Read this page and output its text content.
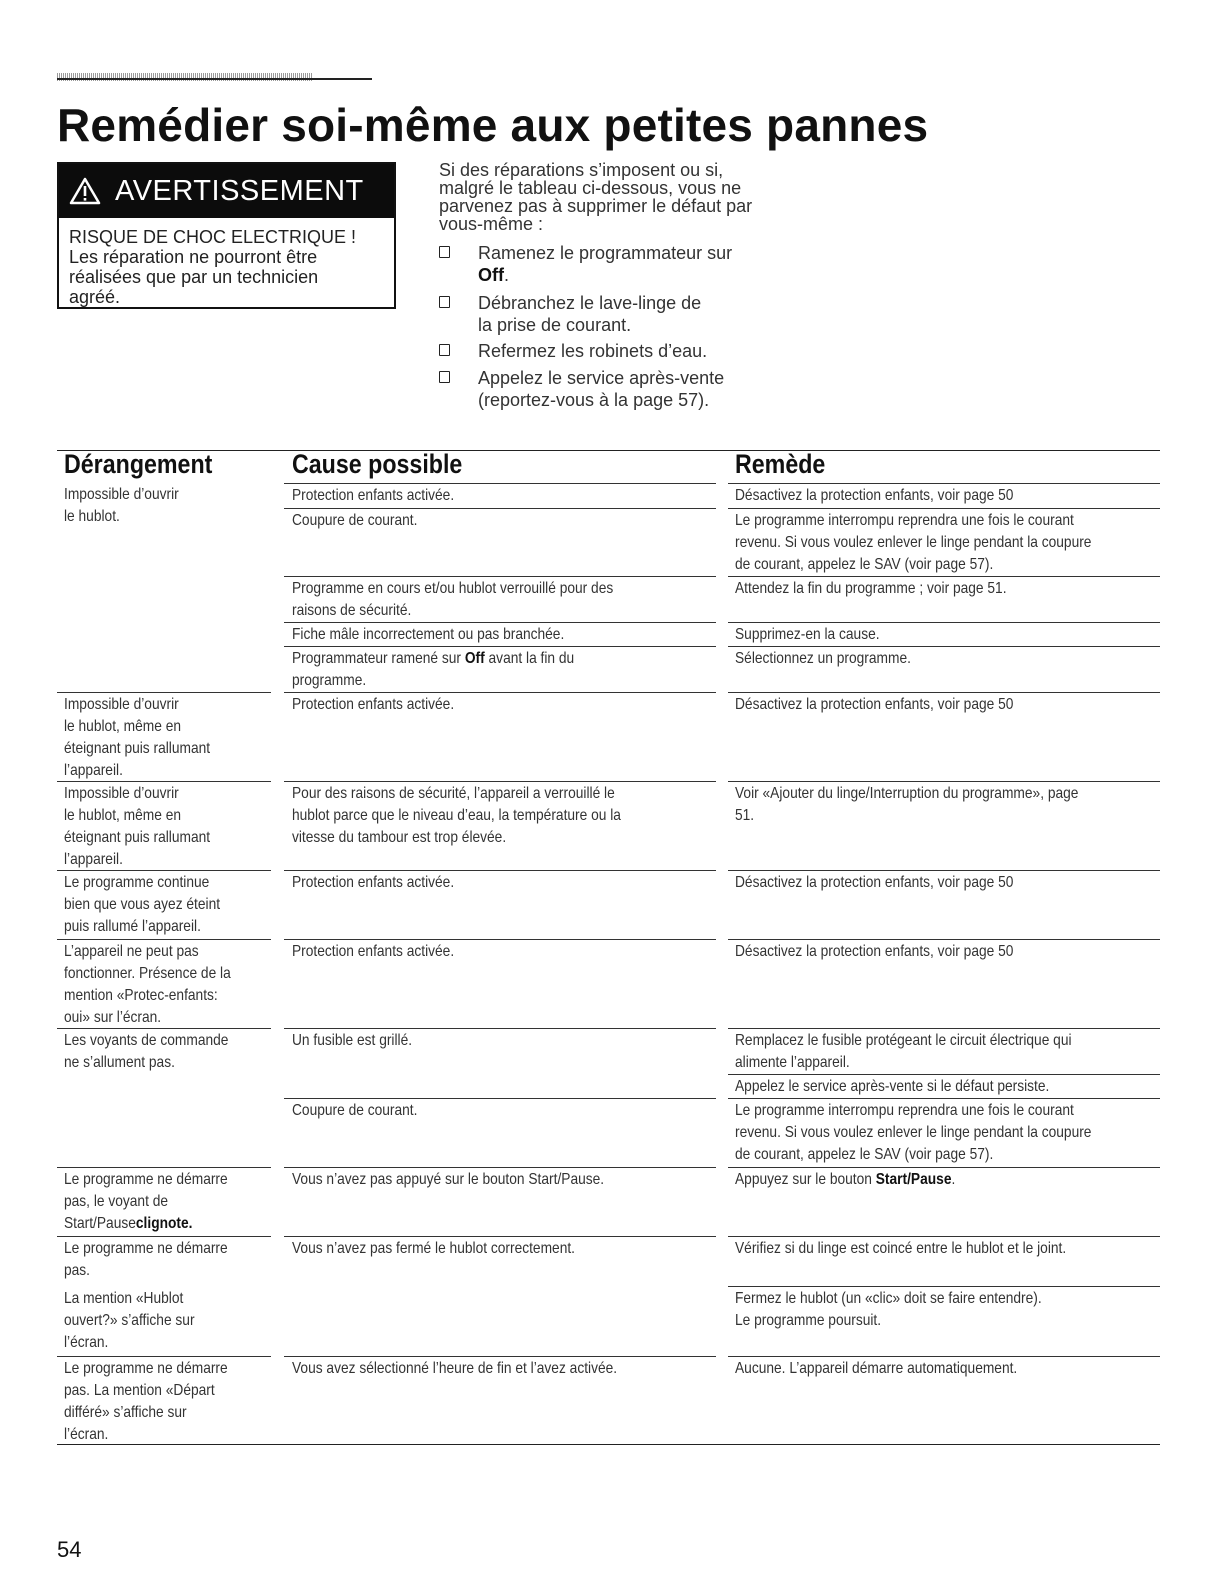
Remédier soi-même aux petites pannes
AVERTISSEMENT
RISQUE DE CHOC ELECTRIQUE !
Les réparation ne pourront être
réalisées que par un technicien
agréé.
Si des réparations s’imposent ou si,
malgré le tableau ci-dessous, vous ne
parvenez pas à supprimer le défaut par
vous-même :
Ramenez le programmateur sur
Off.
Débranchez le lave-linge de
la prise de courant.
Refermez les robinets d’eau.
Appelez le service après-vente
(reportez-vous à la page 57).
Dérangement	Cause possible	Remède
Impossible d’ouvrir
le hublot.
Impossible d’ouvrir
le hublot, même en
éteignant puis rallumant
l’appareil.
Impossible d’ouvrir
le hublot, même en
éteignant puis rallumant
l’appareil.
Le programme continue
bien que vous ayez éteint
puis rallumé l’appareil.
L’appareil ne peut pas
fonctionner. Présence de la
mention «Protec-enfants:
oui» sur l’écran.
Les voyants de commande
ne s’allument pas.
Le programme ne démarre
pas, le voyant de
Start/Pauseclignote.
Le programme ne démarre
pas.
La mention «Hublot
ouvert?» s’affiche sur
l’écran.
Le programme ne démarre
pas. La mention «Départ
différé» s’affiche sur
l’écran.
Protection enfants activée.
Coupure de courant.
Programme en cours et/ou hublot verrouillé pour des
raisons de sécurité.
Fiche mâle incorrectement ou pas branchée.
Programmateur ramené sur Off avant la fin du
programme.
Protection enfants activée.
Pour des raisons de sécurité, l’appareil a verrouillé le
hublot parce que le niveau d’eau, la température ou la
vitesse du tambour est trop élevée.
Protection enfants activée.
Protection enfants activée.
Un fusible est grillé.
Coupure de courant.
Vous n’avez pas appuyé sur le bouton Start/Pause.
Vous n’avez pas fermé le hublot correctement.
Vous avez sélectionné l’heure de fin et l’avez activée.
Désactivez la protection enfants, voir page 50
Le programme interrompu reprendra une fois le courant
revenu. Si vous voulez enlever le linge pendant la coupure
de courant, appelez le SAV (voir page 57).
Attendez la fin du programme ; voir page 51.
Supprimez-en la cause.
Sélectionnez un programme.
Désactivez la protection enfants, voir page 50
Voir «Ajouter du linge/Interruption du programme», page
51.
Désactivez la protection enfants, voir page 50
Désactivez la protection enfants, voir page 50
Remplacez le fusible protégeant le circuit électrique qui
alimente l’appareil.
Appelez le service après-vente si le défaut persiste.
Le programme interrompu reprendra une fois le courant
revenu. Si vous voulez enlever le linge pendant la coupure
de courant, appelez le SAV (voir page 57).
Appuyez sur le bouton Start/Pause.
Vérifiez si du linge est coincé entre le hublot et le joint.
Fermez le hublot (un «clic» doit se faire entendre).
Le programme poursuit.
Aucune. L’appareil démarre automatiquement.
54
